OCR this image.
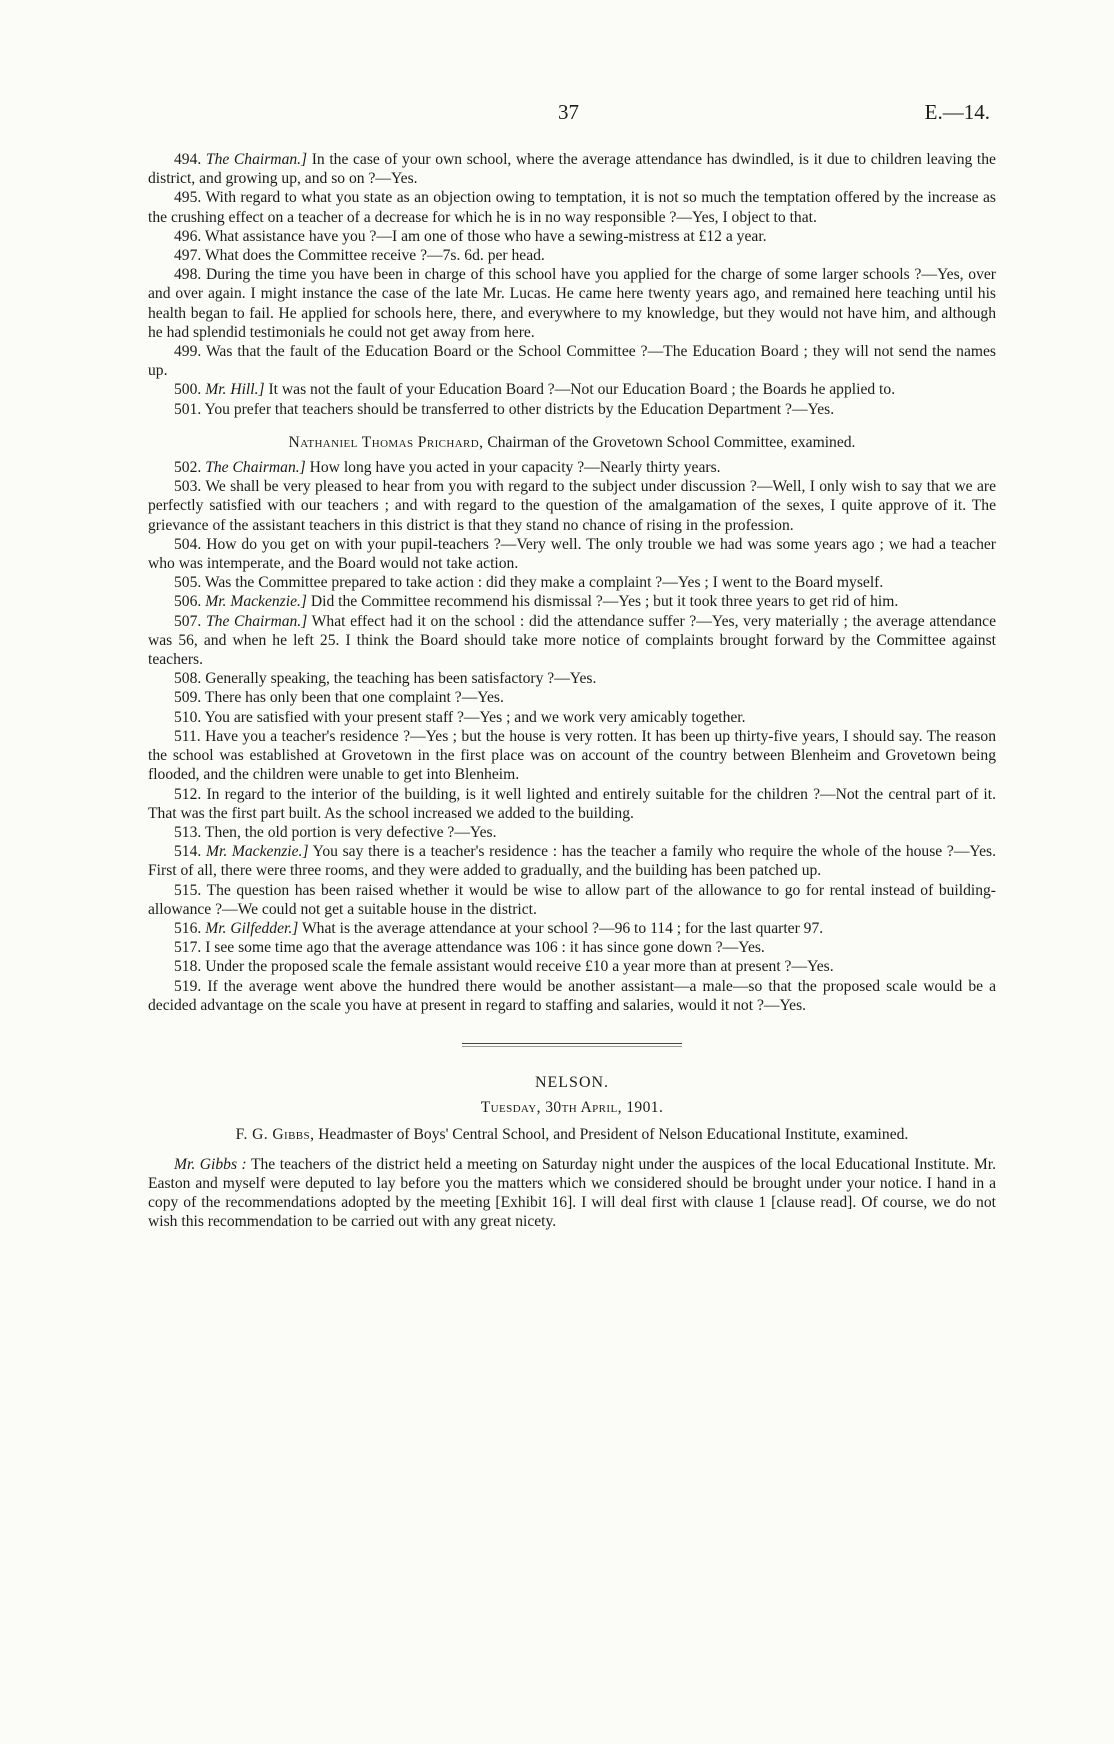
37	E.—14.

494. The Chairman.] In the case of your own school, where the average attendance has dwindled, is it due to children leaving the district, and growing up, and so on ?—Yes.

495. With regard to what you state as an objection owing to temptation, it is not so much the temptation offered by the increase as the crushing effect on a teacher of a decrease for which he is in no way responsible ?—Yes, I object to that.

496. What assistance have you ?—I am one of those who have a sewing-mistress at £12 a year.

497. What does the Committee receive ?—7s. 6d. per head.

498. During the time you have been in charge of this school have you applied for the charge of some larger schools ?—Yes, over and over again. I might instance the case of the late Mr. Lucas. He came here twenty years ago, and remained here teaching until his health began to fail. He applied for schools here, there, and everywhere to my knowledge, but they would not have him, and although he had splendid testimonials he could not get away from here.

499. Was that the fault of the Education Board or the School Committee ?—The Education Board ; they will not send the names up.

500. Mr. Hill.] It was not the fault of your Education Board ?—Not our Education Board ; the Boards he applied to.

501. You prefer that teachers should be transferred to other districts by the Education Department ?—Yes.

Nathaniel Thomas Prichard, Chairman of the Grovetown School Committee, examined.

502. The Chairman.] How long have you acted in your capacity ?—Nearly thirty years.

503. We shall be very pleased to hear from you with regard to the subject under discussion ?—Well, I only wish to say that we are perfectly satisfied with our teachers ; and with regard to the question of the amalgamation of the sexes, I quite approve of it. The grievance of the assistant teachers in this district is that they stand no chance of rising in the profession.

504. How do you get on with your pupil-teachers ?—Very well. The only trouble we had was some years ago ; we had a teacher who was intemperate, and the Board would not take action.

505. Was the Committee prepared to take action : did they make a complaint ?—Yes ; I went to the Board myself.

506. Mr. Mackenzie.] Did the Committee recommend his dismissal ?—Yes ; but it took three years to get rid of him.

507. The Chairman.] What effect had it on the school : did the attendance suffer ?—Yes, very materially ; the average attendance was 56, and when he left 25. I think the Board should take more notice of complaints brought forward by the Committee against teachers.

508. Generally speaking, the teaching has been satisfactory ?—Yes.

509. There has only been that one complaint ?—Yes.

510. You are satisfied with your present staff ?—Yes ; and we work very amicably together.

511. Have you a teacher's residence ?—Yes ; but the house is very rotten. It has been up thirty-five years, I should say. The reason the school was established at Grovetown in the first place was on account of the country between Blenheim and Grovetown being flooded, and the children were unable to get into Blenheim.

512. In regard to the interior of the building, is it well lighted and entirely suitable for the children ?—Not the central part of it. That was the first part built. As the school increased we added to the building.

513. Then, the old portion is very defective ?—Yes.

514. Mr. Mackenzie.] You say there is a teacher's residence : has the teacher a family who require the whole of the house ?—Yes. First of all, there were three rooms, and they were added to gradually, and the building has been patched up.

515. The question has been raised whether it would be wise to allow part of the allowance to go for rental instead of building-allowance ?—We could not get a suitable house in the district.

516. Mr. Gilfedder.] What is the average attendance at your school ?—96 to 114 ; for the last quarter 97.

517. I see some time ago that the average attendance was 106 : it has since gone down ?—Yes.

518. Under the proposed scale the female assistant would receive £10 a year more than at present ?—Yes.

519. If the average went above the hundred there would be another assistant—a male—so that the proposed scale would be a decided advantage on the scale you have at present in regard to staffing and salaries, would it not ?—Yes.

NELSON.

Tuesday, 30th April, 1901.

F. G. Gibbs, Headmaster of Boys' Central School, and President of Nelson Educational Institute, examined.

Mr. Gibbs : The teachers of the district held a meeting on Saturday night under the auspices of the local Educational Institute. Mr. Easton and myself were deputed to lay before you the matters which we considered should be brought under your notice. I hand in a copy of the recommendations adopted by the meeting [Exhibit 16]. I will deal first with clause 1 [clause read]. Of course, we do not wish this recommendation to be carried out with any great nicety.
